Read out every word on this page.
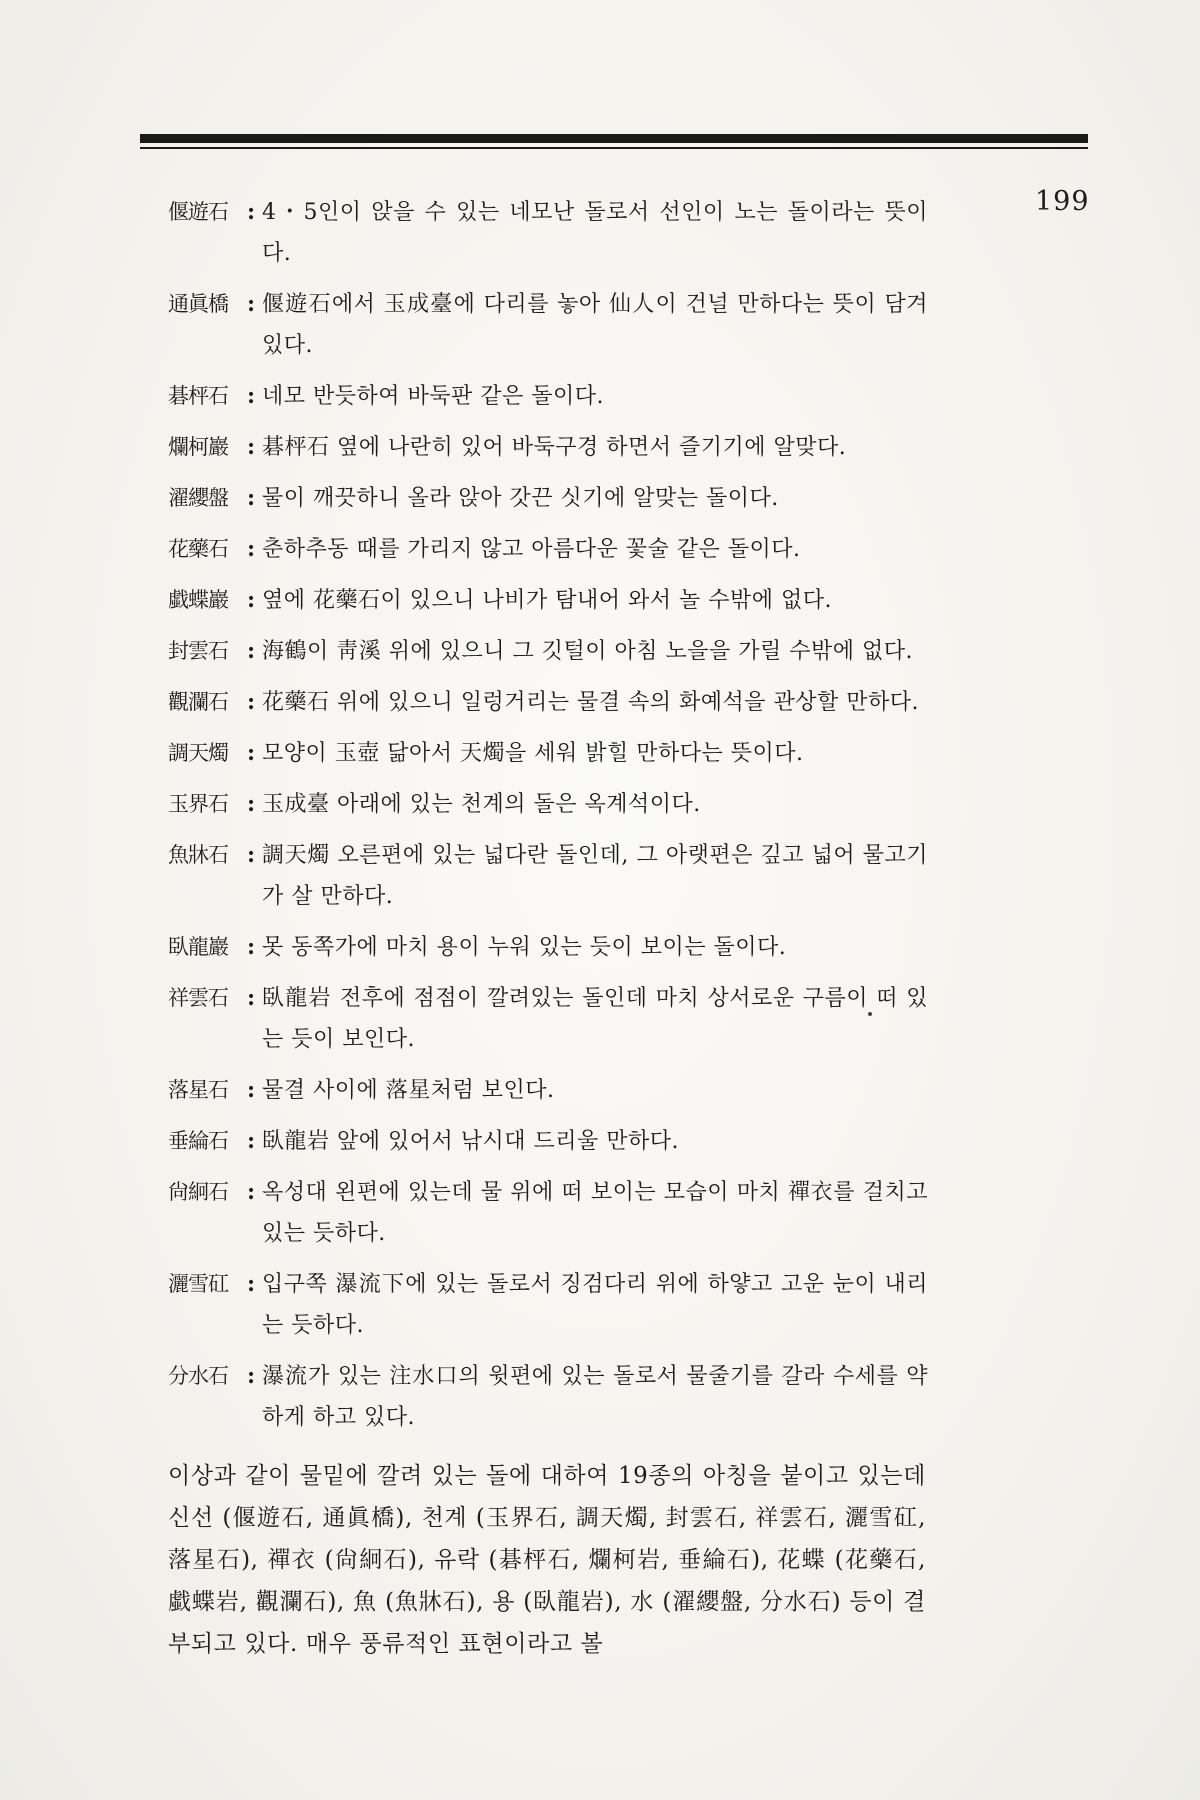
199
偃遊石 : 4・5인이 앉을 수 있는 네모난 돌로서 선인이 노는 돌이라는 뜻이다.
通眞橋 : 偃遊石에서 玉成臺에 다리를 놓아 仙人이 건널 만하다는 뜻이 담겨 있다.
碁枰石 : 네모 반듯하여 바둑판 같은 돌이다.
爛柯巖 : 碁枰石 옆에 나란히 있어 바둑구경 하면서 즐기기에 알맞다.
濯纓盤 : 물이 깨끗하니 올라 앉아 갓끈 싯기에 알맞는 돌이다.
花藥石 : 춘하추동 때를 가리지 않고 아름다운 꽃술 같은 돌이다.
戱蝶巖 : 옆에 花藥石이 있으니 나비가 탐내어 와서 놀 수밖에 없다.
封雲石 : 海鶴이 靑溪 위에 있으니 그 깃털이 아침 노을을 가릴 수밖에 없다.
觀瀾石 : 花藥石 위에 있으니 일렁거리는 물결 속의 화예석을 관상할 만하다.
調天燭 : 모양이 玉壺 닮아서 天燭을 세워 밝힐 만하다는 뜻이다.
玉界石 : 玉成臺 아래에 있는 천계의 돌은 옥계석이다.
魚牀石 : 調天燭 오른편에 있는 넓다란 돌인데, 그 아랫편은 깊고 넓어 물고기가 살 만하다.
臥龍巖 : 못 동쪽가에 마치 용이 누워 있는 듯이 보이는 돌이다.
祥雲石 : 臥龍岩 전후에 점점이 깔려있는 돌인데 마치 상서로운 구름이 떠 있는 듯이 보인다.
落星石 : 물결 사이에 落星처럼 보인다.
垂綸石 : 臥龍岩 앞에 있어서 낚시대 드리울 만하다.
尙絅石 : 옥성대 왼편에 있는데 물 위에 떠 보이는 모습이 마치 禪衣를 걸치고 있는 듯하다.
灑雪矼 : 입구쪽 瀑流下에 있는 돌로서 징검다리 위에 하얗고 고운 눈이 내리는 듯하다.
分水石 : 瀑流가 있는 注水口의 윗편에 있는 돌로서 물줄기를 갈라 수세를 약하게 하고 있다.

이상과 같이 물밑에 깔려 있는 돌에 대하여 19종의 아칭을 붙이고 있는데 신선 (偃遊石, 通眞橋), 천계 (玉界石, 調天燭, 封雲石, 祥雲石, 灑雪矼, 落星石), 禪衣 (尙絅石), 유락 (碁枰石, 爛柯岩, 垂綸石), 花蝶 (花藥石, 戱蝶岩, 觀瀾石), 魚 (魚牀石), 용 (臥龍岩), 水 (濯纓盤, 分水石) 등이 결부되고 있다. 매우 풍류적인 표현이라고 볼
